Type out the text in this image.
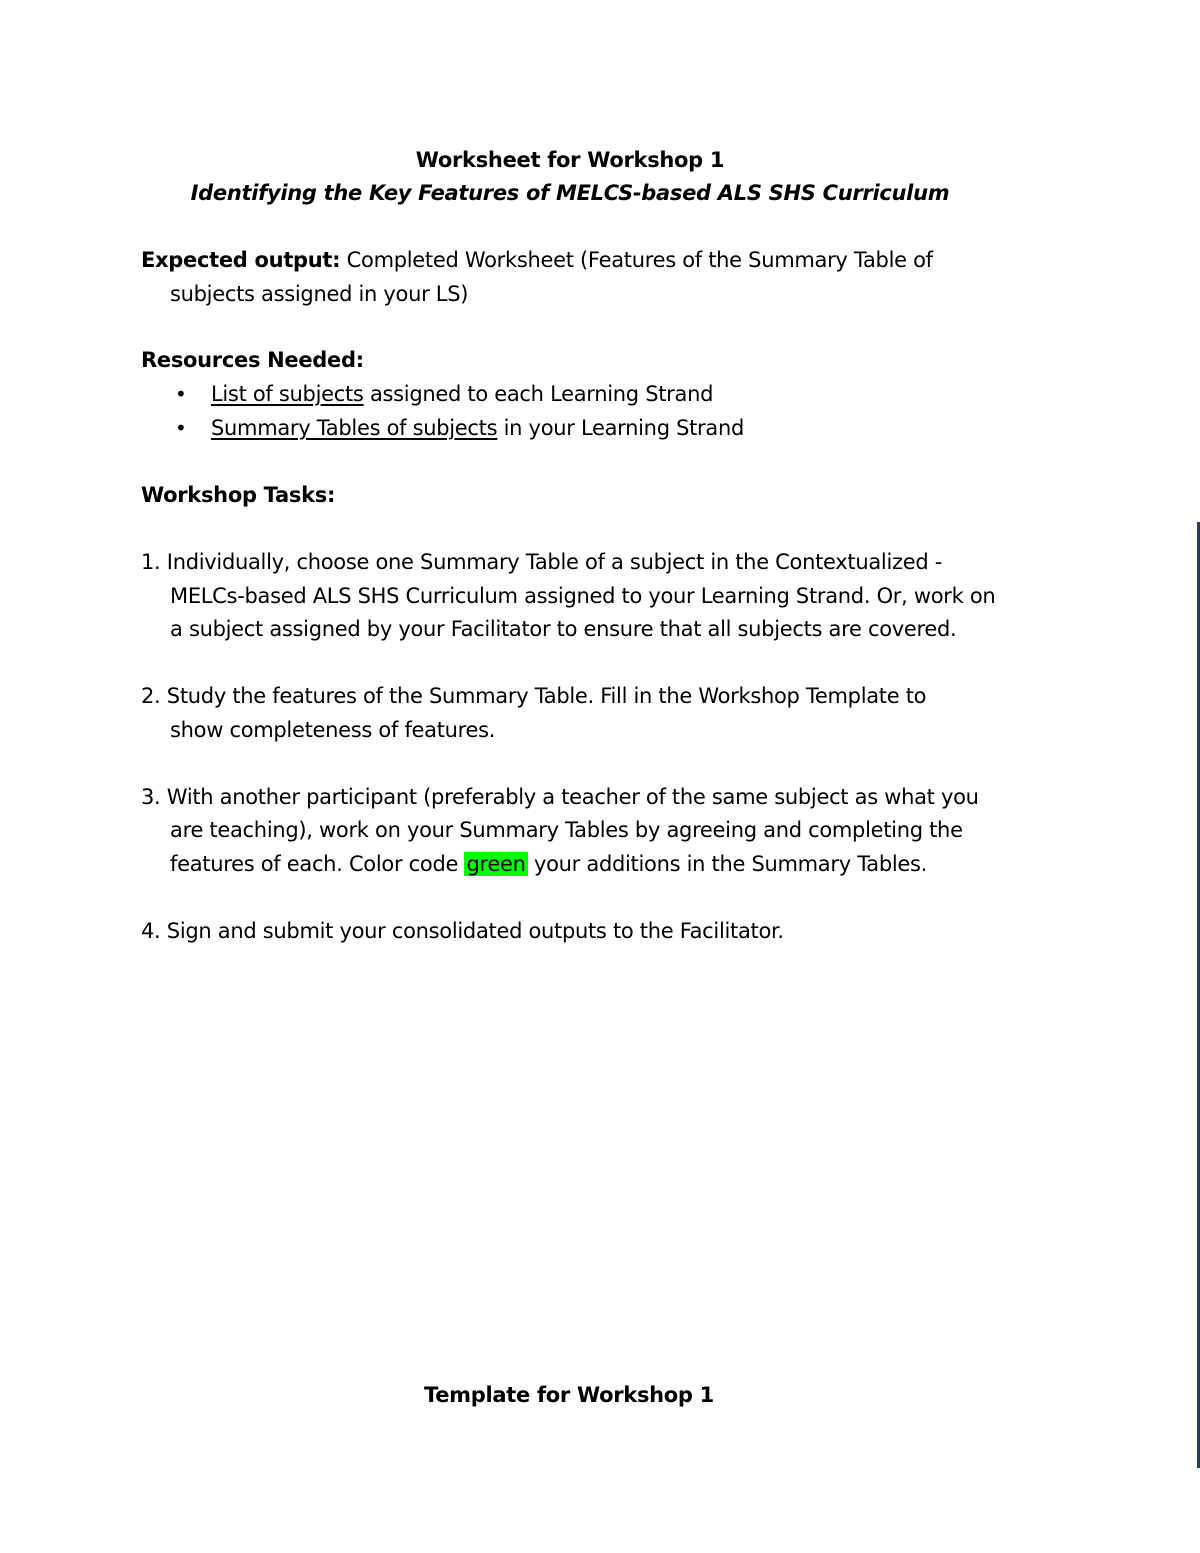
Worksheet for Workshop 1
Identifying the Key Features of MELCS-based ALS SHS Curriculum
Expected output: Completed Worksheet (Features of the Summary Table of
subjects assigned in your LS)
Resources Needed:
• List of subjects assigned to each Learning Strand
• Summary Tables of subjects in your Learning Strand
Workshop Tasks:
1. Individually, choose one Summary Table of a subject in the Contextualized -
MELCs-based ALS SHS Curriculum assigned to your Learning Strand. Or, work on
a subject assigned by your Facilitator to ensure that all subjects are covered.
2. Study the features of the Summary Table. Fill in the Workshop Template to
show completeness of features.
3. With another participant (preferably a teacher of the same subject as what you
are teaching), work on your Summary Tables by agreeing and completing the
features of each. Color code green your additions in the Summary Tables.
4. Sign and submit your consolidated outputs to the Facilitator.
Template for Workshop 1
